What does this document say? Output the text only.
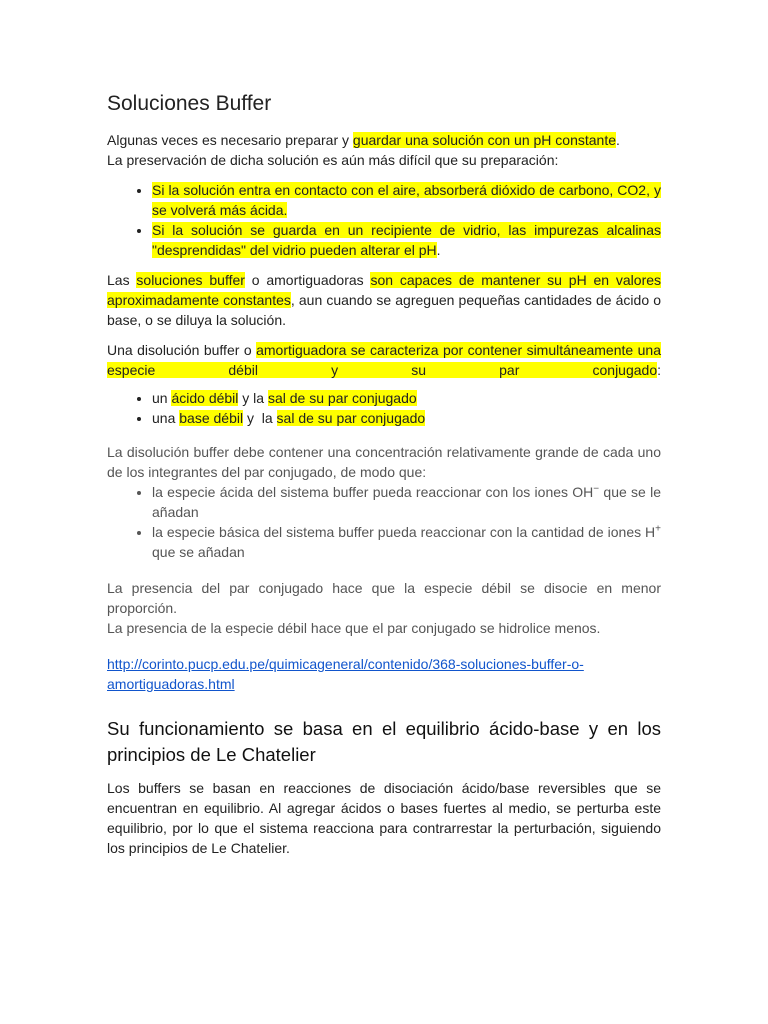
Soluciones Buffer

Algunas veces es necesario preparar y guardar una solución con un pH constante.
La preservación de dicha solución es aún más difícil que su preparación:

• Si la solución entra en contacto con el aire, absorberá dióxido de carbono, CO2, y se volverá más ácida.
• Si la solución se guarda en un recipiente de vidrio, las impurezas alcalinas "desprendidas" del vidrio pueden alterar el pH.

Las soluciones buffer o amortiguadoras son capaces de mantener su pH en valores aproximadamente constantes, aun cuando se agreguen pequeñas cantidades de ácido o base, o se diluya la solución.

Una disolución buffer o amortiguadora se caracteriza por contener simultáneamente una especie débil y su par conjugado:

• un ácido débil y la sal de su par conjugado
• una base débil y  la sal de su par conjugado

La disolución buffer debe contener una concentración relativamente grande de cada uno de los integrantes del par conjugado, de modo que:

• la especie ácida del sistema buffer pueda reaccionar con los iones OH− que se le añadan
• la especie básica del sistema buffer pueda reaccionar con la cantidad de iones H+ que se añadan

La presencia del par conjugado hace que la especie débil se disocie en menor proporción.

La presencia de la especie débil hace que el par conjugado se hidrolice menos.

http://corinto.pucp.edu.pe/quimicageneral/contenido/368-soluciones-buffer-o-amortiguadoras.html

Su funcionamiento se basa en el equilibrio ácido-base y en los principios de Le Chatelier

Los buffers se basan en reacciones de disociación ácido/base reversibles que se encuentran en equilibrio. Al agregar ácidos o bases fuertes al medio, se perturba este equilibrio, por lo que el sistema reacciona para contrarrestar la perturbación, siguiendo los principios de Le Chatelier.
